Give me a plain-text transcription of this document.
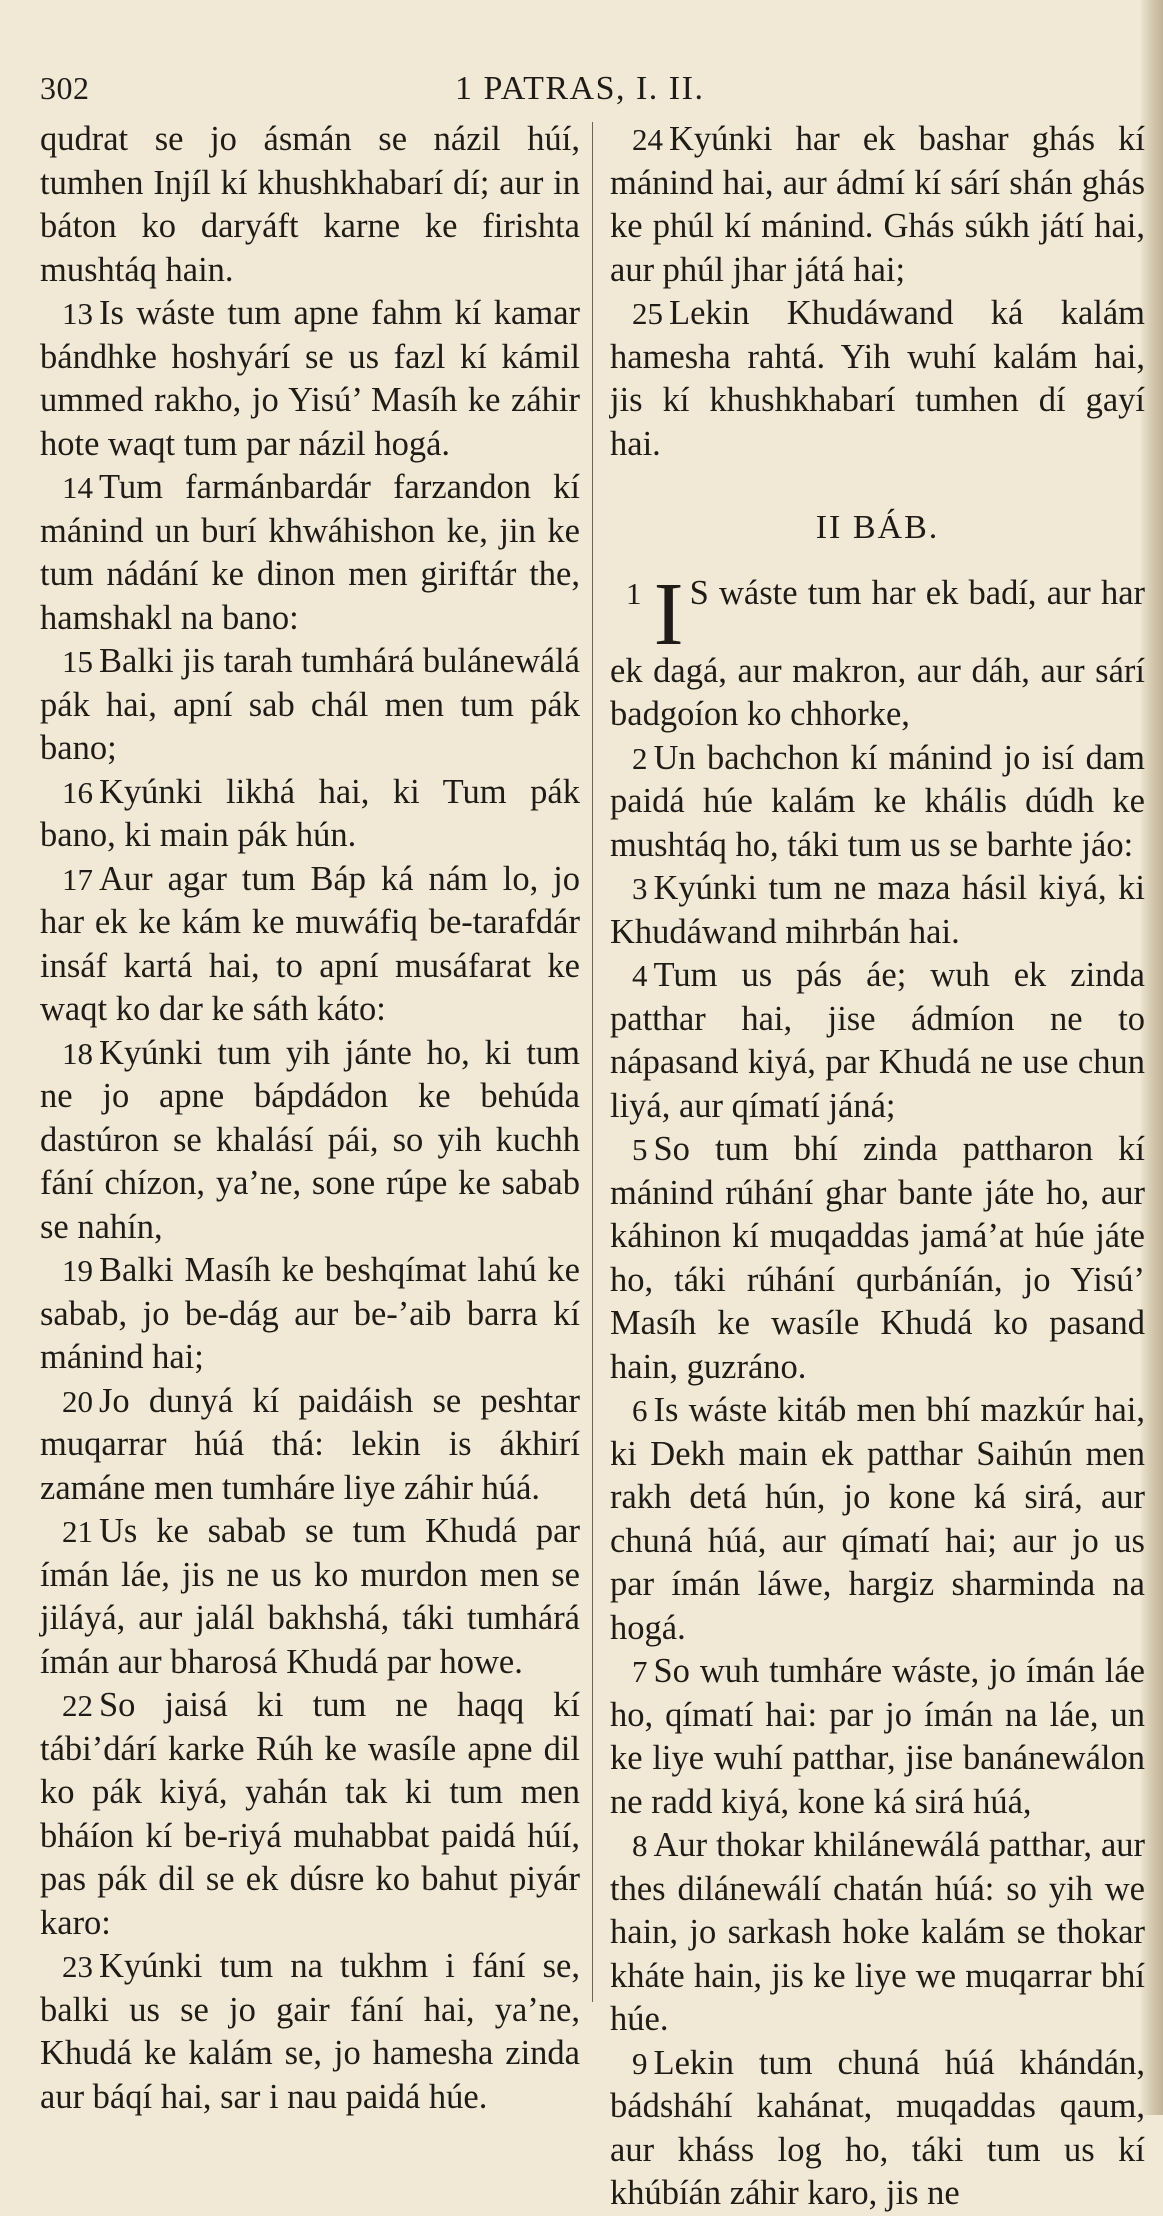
302	1 PATRAS, I. II.

qudrat se jo ásmán se názil húí, tumhen Injíl kí khushkhabarí dí; aur in báton ko daryáft karne ke firishta mushtáq hain.

13 Is wáste tum apne fahm kí kamar bándhke hoshyárí se us fazl kí kámil ummed rakho, jo Yisú’ Masíh ke záhir hote waqt tum par názil hogá.

14 Tum farmánbardár farzandon kí mánind un burí khwáhishon ke, jin ke tum nádání ke dinon men giriftár the, hamshakl na bano:

15 Balki jis tarah tumhárá bulánewálá pák hai, apní sab chál men tum pák bano;

16 Kyúnki likhá hai, ki Tum pák bano, ki main pák hún.

17 Aur agar tum Báp ká nám lo, jo har ek ke kám ke muwáfiq be-tarafdár insáf kartá hai, to apní musáfarat ke waqt ko dar ke sáth káto:

18 Kyúnki tum yih jánte ho, ki tum ne jo apne bápdádon ke behúda dastúron se khalásí pái, so yih kuchh fání chízon, ya’ne, sone rúpe ke sabab se nahín,

19 Balki Masíh ke beshqímat lahú ke sabab, jo be-dág aur be-’aib barra kí mánind hai;

20 Jo dunyá kí paidáish se peshtar muqarrar húá thá: lekin is ákhirí zamáne men tumháre liye záhir húá.

21 Us ke sabab se tum Khudá par ímán láe, jis ne us ko murdon men se jiláyá, aur jalál bakhshá, táki tumhárá ímán aur bharosá Khudá par howe.

22 So jaisá ki tum ne haqq kí tábi’dárí karke Rúh ke wasíle apne dil ko pák kiyá, yahán tak ki tum men bháíon kí be-riyá muhabbat paidá húí, pas pák dil se ek dúsre ko bahut piyár karo:

23 Kyúnki tum na tukhm i fání se, balki us se jo gair fání hai, ya’ne, Khudá ke kalám se, jo hamesha zinda aur báqí hai, sar i nau paidá húe.

24 Kyúnki har ek bashar ghás kí mánind hai, aur ádmí kí sárí shán ghás ke phúl kí mánind. Ghás súkh játí hai, aur phúl jhar játá hai;

25 Lekin Khudáwand ká kalám hamesha rahtá. Yih wuhí kalám hai, jis kí khushkhabarí tumhen dí gayí hai.

II BÁB.

1 I S wáste tum har ek badí, aur har ek dagá, aur makron, aur dáh, aur sárí badgoíon ko chhorke,

2 Un bachchon kí mánind jo isí dam paidá húe kalám ke khális dúdh ke mushtáq ho, táki tum us se barhte jáo:

3 Kyúnki tum ne maza hásil kiyá, ki Khudáwand mihrbán hai.

4 Tum us pás áe; wuh ek zinda patthar hai, jise ádmíon ne to nápasand kiyá, par Khudá ne use chun liyá, aur qímatí jáná;

5 So tum bhí zinda pattharon kí mánind rúhání ghar bante játe ho, aur káhinon kí muqaddas jamá’at húe játe ho, táki rúhání qurbáníán, jo Yisú’ Masíh ke wasíle Khudá ko pasand hain, guzráno.

6 Is wáste kitáb men bhí mazkúr hai, ki Dekh main ek patthar Saihún men rakh detá hún, jo kone ká sirá, aur chuná húá, aur qímatí hai; aur jo us par ímán láwe, hargiz sharminda na hogá.

7 So wuh tumháre wáste, jo ímán láe ho, qímatí hai: par jo ímán na láe, un ke liye wuhí patthar, jise banánewálon ne radd kiyá, kone ká sirá húá,

8 Aur thokar khilánewálá patthar, aur thes dilánewálí chatán húá: so yih we hain, jo sarkash hoke kalám se thokar kháte hain, jis ke liye we muqarrar bhí húe.

9 Lekin tum chuná húá khándán, bádsháhí kahánat, muqaddas qaum, aur kháss log ho, táki tum us kí khúbíán záhir karo, jis ne
